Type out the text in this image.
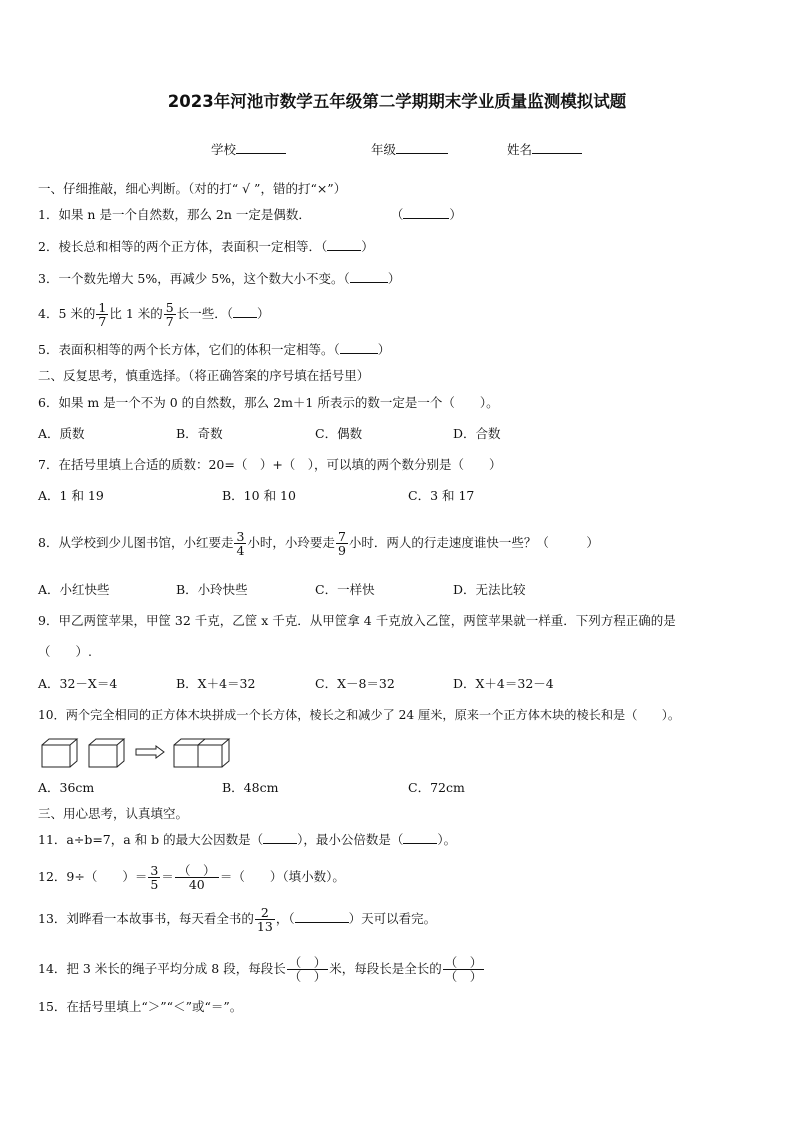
2023年河池市数学五年级第二学期期末学业质量监测模拟试题
学校	年级	姓名
一、仔细推敲，细心判断。（对的打“ √ ”，错的打“×”）
1．如果 n 是一个自然数，那么 2n 一定是偶数．	（	）
2．棱长总和相等的两个正方体，表面积一定相等．（	）
3．一个数先增大 5%，再减少 5%，这个数大小不变。（	）
4．5 米的 $\frac{1}{7}$ 比 1 米的 $\frac{5}{7}$ 长一些．（ ）
5．表面积相等的两个长方体，它们的体积一定相等。（	）
二、反复思考，慎重选择。（将正确答案的序号填在括号里）
6．如果 m 是一个不为 0 的自然数，那么 2m＋1 所表示的数一定是一个（　　）。
A．质数	B．奇数	C．偶数	D．合数
7．在括号里填上合适的质数：20=（　）+（　），可以填的两个数分别是（　　）
A．1 和 19	B．10 和 10	C．3 和 17
8．从学校到少儿图书馆，小红要走 $\frac{3}{4}$ 小时，小玲要走 $\frac{7}{9}$ 小时．两人的行走速度谁快一些？（　　　）
A．小红快些	B．小玲快些	C．一样快	D．无法比较
9．甲乙两筐苹果，甲筐 32 千克，乙筐 x 千克．从甲筐拿 4 千克放入乙筐，两筐苹果就一样重．下列方程正确的是
（　　）.
A．32－X＝4	B．X＋4＝32	C．X－8＝32	D．X＋4＝32－4
10．两个完全相同的正方体木块拼成一个长方体，棱长之和减少了 24 厘米，原来一个正方体木块的棱长和是（　　）。
A．36cm	B．48cm	C．72cm
三、用心思考，认真填空。
11．a÷b=7，a 和 b 的最大公因数是（	），最小公倍数是（	）。
12．9÷（　　）＝ $\frac{3}{5} = \frac{( )}{40}$ ＝（　　）（填小数）。
13．刘晔看一本故事书，每天看全书的 $\frac{2}{13}$ ，（	）天可以看完。
14．把 3 米长的绳子平均分成 8 段，每段长 $\frac{( )}{( )}$ 米，每段长是全长的 $\frac{( )}{( )}$
15．在括号里填上“＞”“＜”或“＝”。
